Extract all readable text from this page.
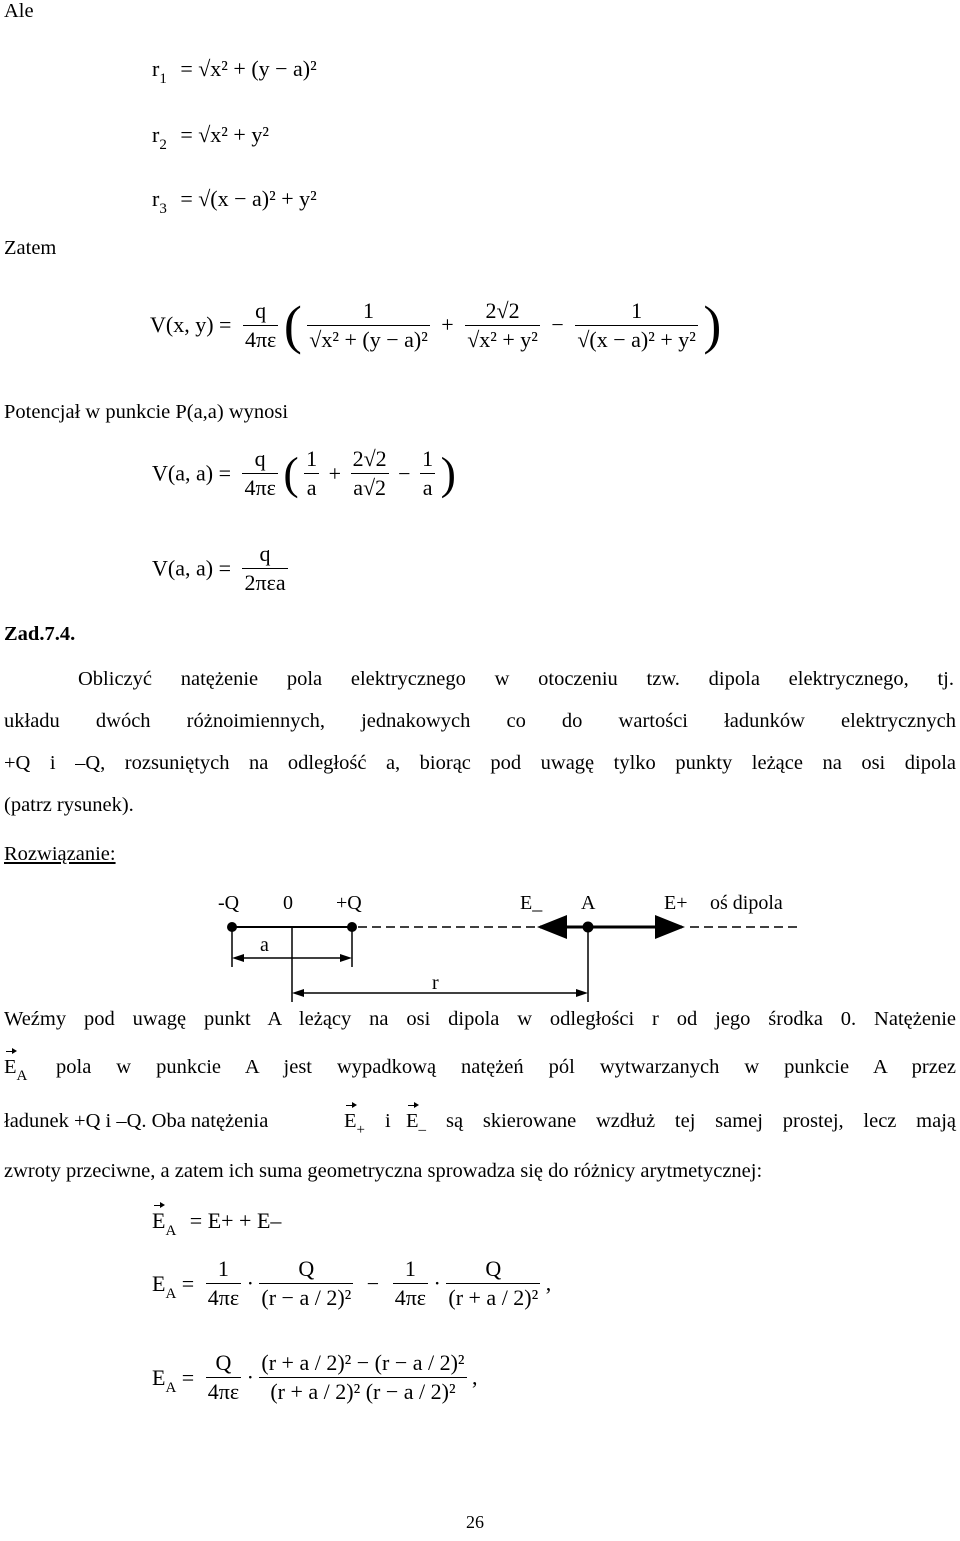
Ale
$r_1 = √x^2 + (y - a)^2$
$r_2 = √x^2 + y^2$
$r_3 = √(x - a)^2 + y^2$
Zatem
V(x, $y) = \frac{q}{4\pi\varepsilon}$ ( $\frac{1}{\text{√x² + (y − a)²}} + \frac{2√2}{\text{√x² + y²}} - \frac{1}{\text{√(x − a)² + y²}}$ )
Potencjał w punkcie P(a,a) wynosi
V(a, $a) = \frac{q}{4\pi\varepsilon}$ ( $\frac{1}{a} + \frac{2√2}{a√2} - \frac{1}{a}$ )
V(a, $a) = \frac{q}{\text{2πεa}}$
Zad.7.4.
Obliczyć natężenie pola elektrycznego w otoczeniu tzw. dipola elektrycznego, tj.
układu dwóch różnoimiennych, jednakowych co do wartości ładunków elektrycznych
+Q i –Q, rozsuniętych na odległość a, biorąc pod uwagę tylko punkty leżące na osi dipola
(patrz rysunek).
Rozwiązanie:
-Q 0 +Q	E_ A	E+ oś dipola
a
r
Weźmy pod uwagę punkt A leżący na osi dipola w odległości r od jego środka 0. Natężenie
$E_A$ pola w punkcie A jest wypadkową natężeń pól wytwarzanych w punkcie A przez
ładunek +Q i –Q. Oba natężenia	$E_+$ i $E_-$ są skierowane wzdłuż tej samej prostej, lecz mają
zwroty przeciwne, a zatem ich suma geometryczna sprowadza się do różnicy arytmetycznej:
$E_A = E+ + E-$
$E_A = \frac{1}{4\pi\varepsilon} \cdot \frac{Q}{\text{(r − a / 2)²}} - \frac{1}{4\pi\varepsilon} \cdot \frac{Q}{\text{(r + a / 2)²}}$ ,
$E_A = \frac{Q}{4\pi\varepsilon} \cdot \frac{\text{(r + a / 2)² − (r − a / 2)²}}{\text{(r + a / 2)² (r − a / 2)²}}$ ,
26
